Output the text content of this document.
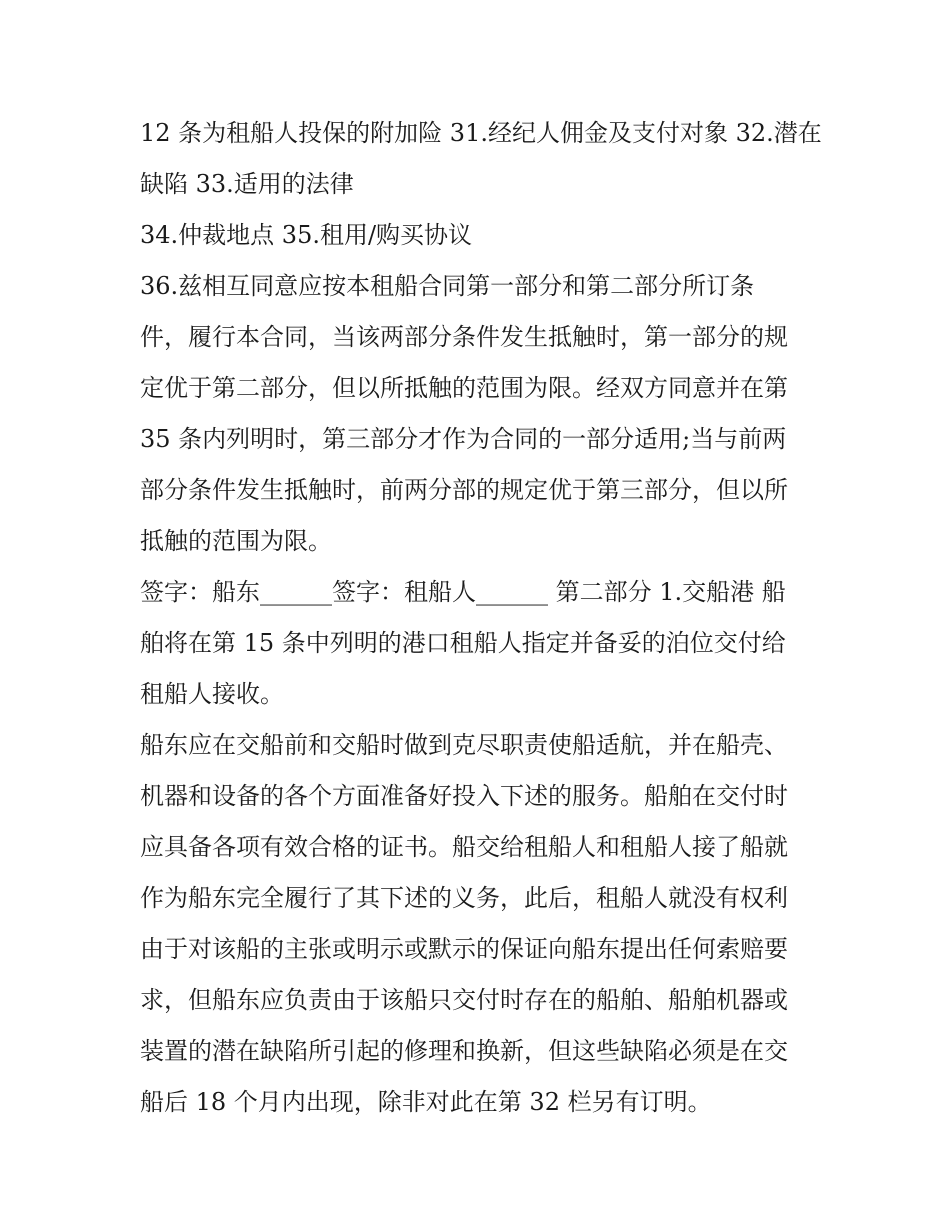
12 条为租船人投保的附加险 31.经纪人佣金及支付对象 32.潜在
缺陷 33.适用的法律
34.仲裁地点 35.租用/购买协议
36.兹相互同意应按本租船合同第一部分和第二部分所订条
件，履行本合同，当该两部分条件发生抵触时，第一部分的规
定优于第二部分，但以所抵触的范围为限。经双方同意并在第
35 条内列明时，第三部分才作为合同的一部分适用;当与前两
部分条件发生抵触时，前两分部的规定优于第三部分，但以所
抵触的范围为限。
签字：船东______签字：租船人______ 第二部分 1.交船港 船
舶将在第 15 条中列明的港口租船人指定并备妥的泊位交付给
租船人接收。
船东应在交船前和交船时做到克尽职责使船适航，并在船壳、
机器和设备的各个方面准备好投入下述的服务。船舶在交付时
应具备各项有效合格的证书。船交给租船人和租船人接了船就
作为船东完全履行了其下述的义务，此后，租船人就没有权利
由于对该船的主张或明示或默示的保证向船东提出任何索赔要
求，但船东应负责由于该船只交付时存在的船舶、船舶机器或
装置的潜在缺陷所引起的修理和换新，但这些缺陷必须是在交
船后 18 个月内出现，除非对此在第 32 栏另有订明。
